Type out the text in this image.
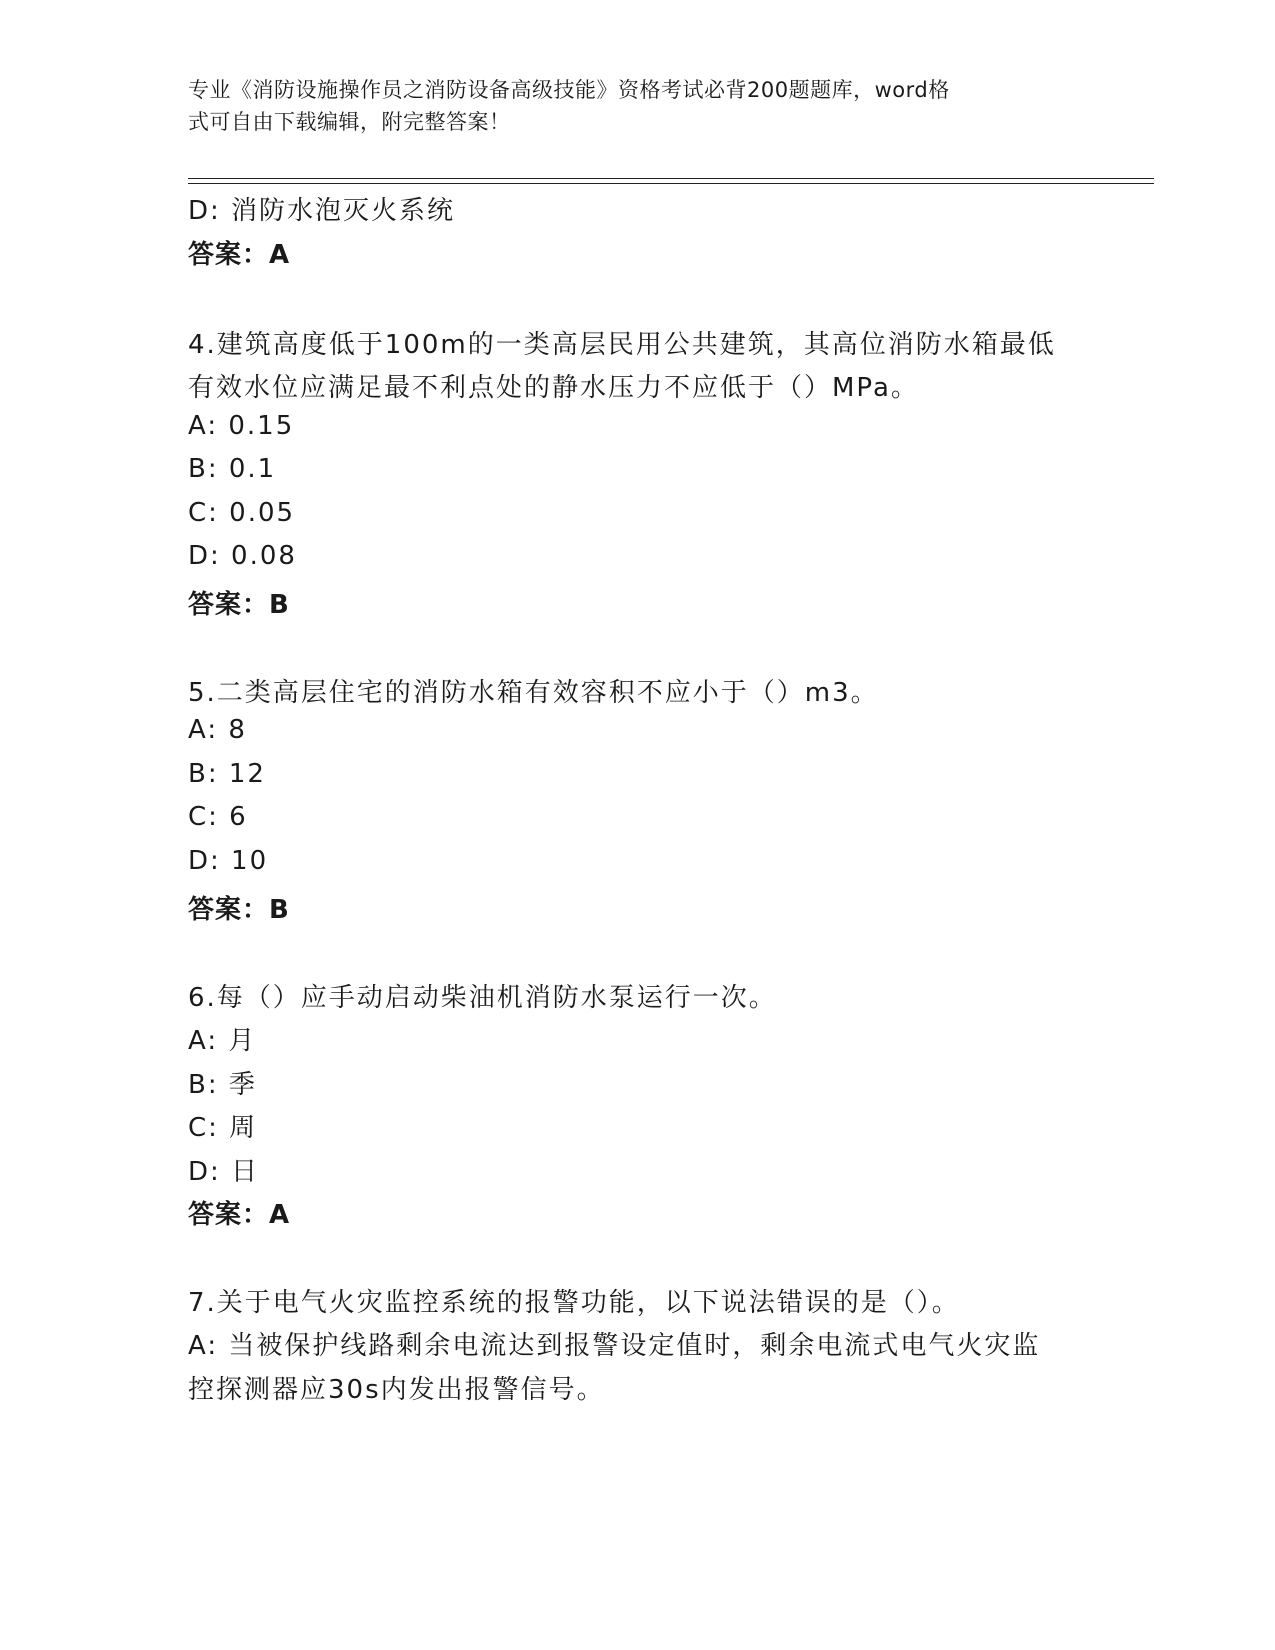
专业《消防设施操作员之消防设备高级技能》资格考试必背200题题库，word格
式可自由下载编辑，附完整答案！
D: 消防水泡灭火系统
答案：A
4.建筑高度低于100m的一类高层民用公共建筑，其高位消防水箱最低
有效水位应满足最不利点处的静水压力不应低于（）MPa。
A: 0.15
B: 0.1
C: 0.05
D: 0.08
答案：B
5.二类高层住宅的消防水箱有效容积不应小于（）m3。
A: 8
B: 12
C: 6
D: 10
答案：B
6.每（）应手动启动柴油机消防水泵运行一次。
A: 月
B: 季
C: 周
D: 日
答案：A
7.关于电气火灾监控系统的报警功能，以下说法错误的是（）。
A: 当被保护线路剩余电流达到报警设定值时，剩余电流式电气火灾监
控探测器应30s内发出报警信号。
